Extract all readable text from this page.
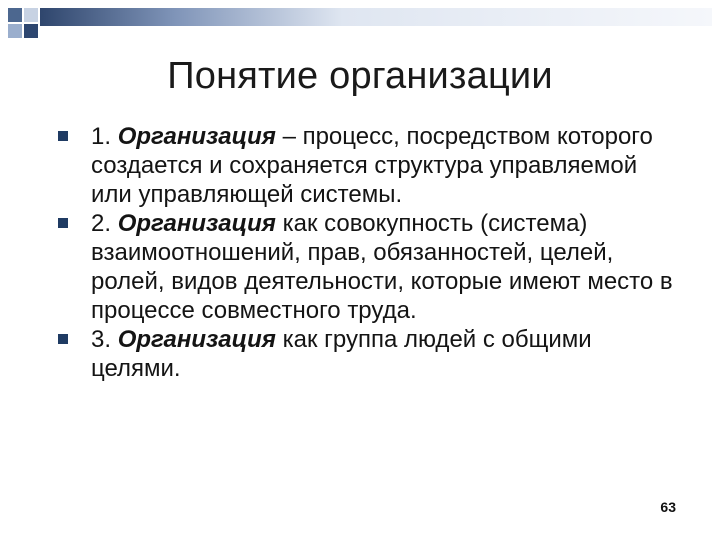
Понятие организации
1. Организация – процесс, посредством которого создается и сохраняется структура управляемой или управляющей системы.
2. Организация как совокупность (система) взаимоотношений, прав, обязанностей, целей, ролей, видов деятельности, которые имеют место в процессе совместного труда.
3. Организация как группа людей с общими целями.
63
